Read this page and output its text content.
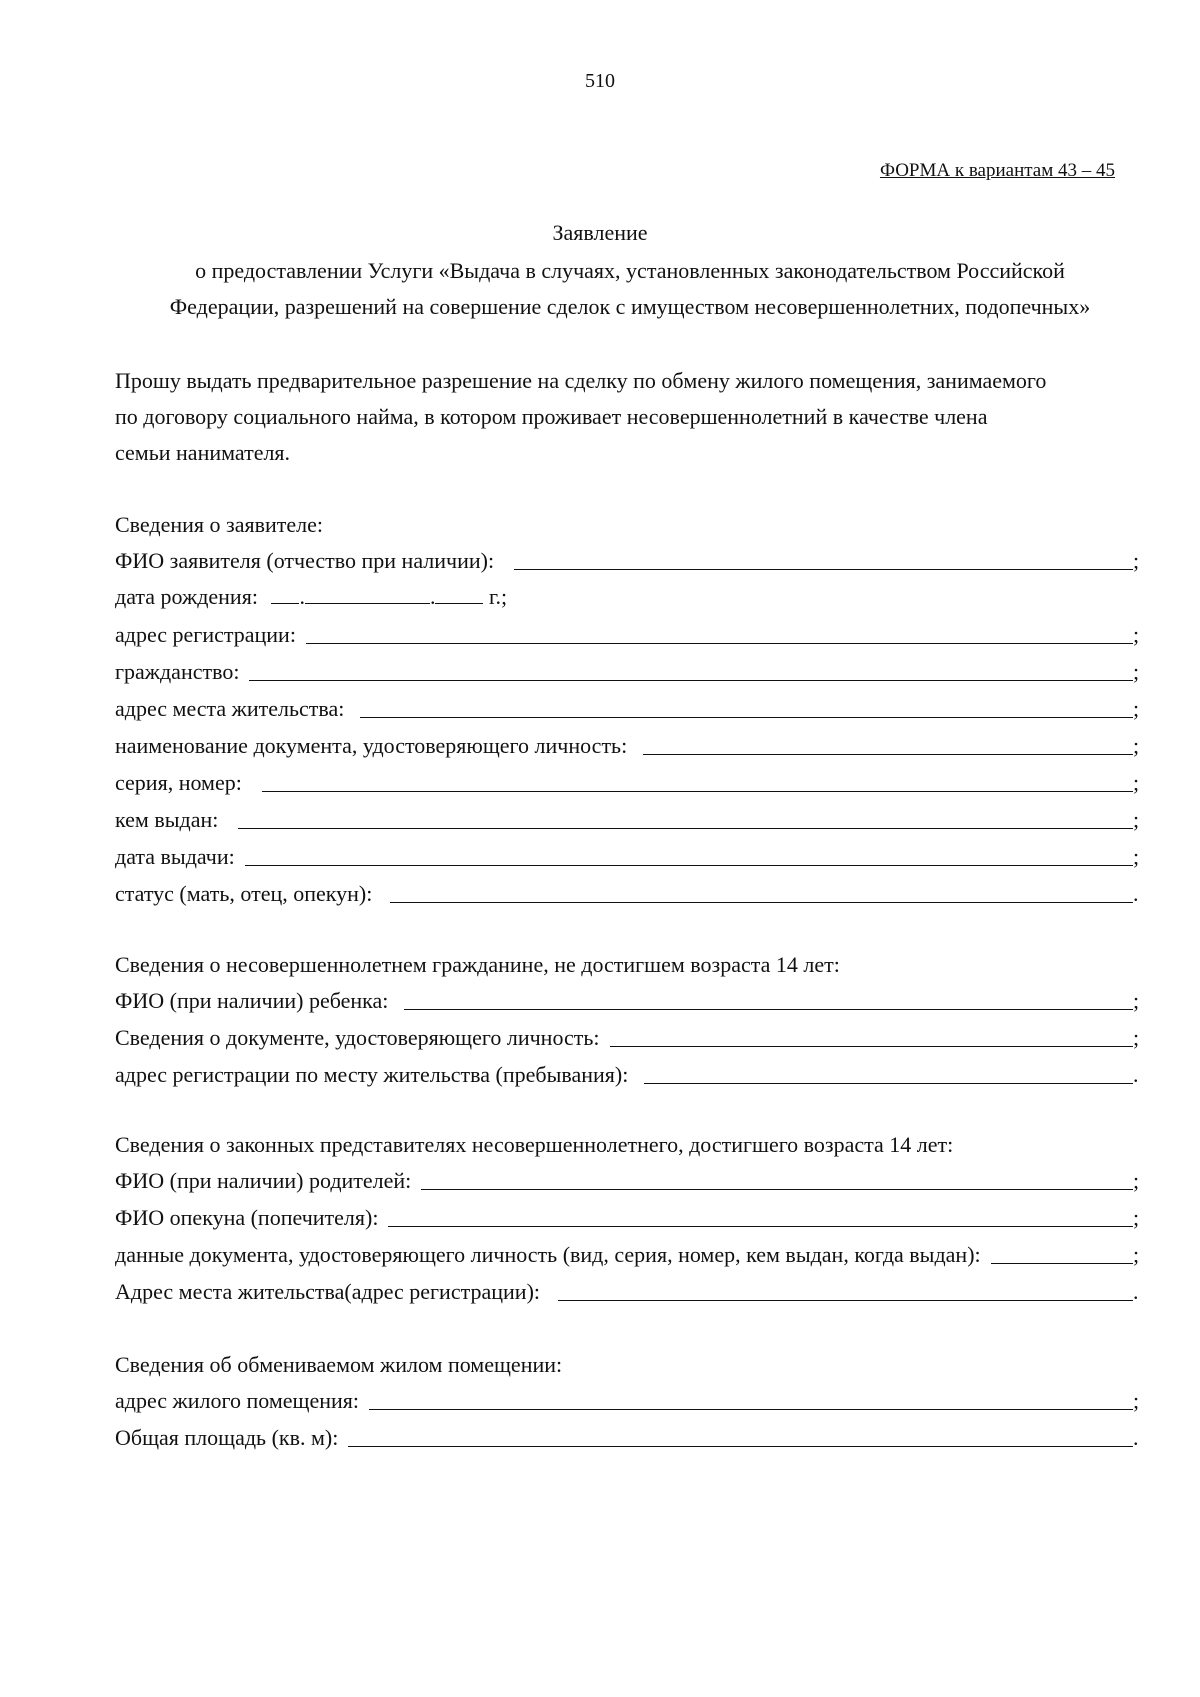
510
ФОРМА к вариантам 43 – 45
Заявление
о предоставлении Услуги «Выдача в случаях, установленных законодательством Российской
Федерации, разрешений на совершение сделок с имуществом несовершеннолетних, подопечных»
Прошу выдать предварительное разрешение на сделку по обмену жилого помещения, занимаемого
по договору социального найма, в котором проживает несовершеннолетний в качестве члена
семьи нанимателя.
Сведения о заявителе:
ФИО заявителя (отчество при наличии):	;
дата рождения: .	. г.;
адрес регистрации:	;
гражданство:	;
адрес места жительства:	;
наименование документа, удостоверяющего личность:	;
серия, номер:	;
кем выдан:	;
дата выдачи:	;
статус (мать, отец, опекун):	.
Сведения о несовершеннолетнем гражданине, не достигшем возраста 14 лет:
ФИО (при наличии) ребенка:	;
Сведения о документе, удостоверяющего личность:	;
адрес регистрации по месту жительства (пребывания):	.
Сведения о законных представителях несовершеннолетнего, достигшего возраста 14 лет:
ФИО (при наличии) родителей:	;
ФИО опекуна (попечителя):	;
данные документа, удостоверяющего личность (вид, серия, номер, кем выдан, когда выдан):	;
Адрес места жительства(адрес регистрации):	.
Сведения об обмениваемом жилом помещении:
адрес жилого помещения:	;
Общая площадь (кв. м):	.
